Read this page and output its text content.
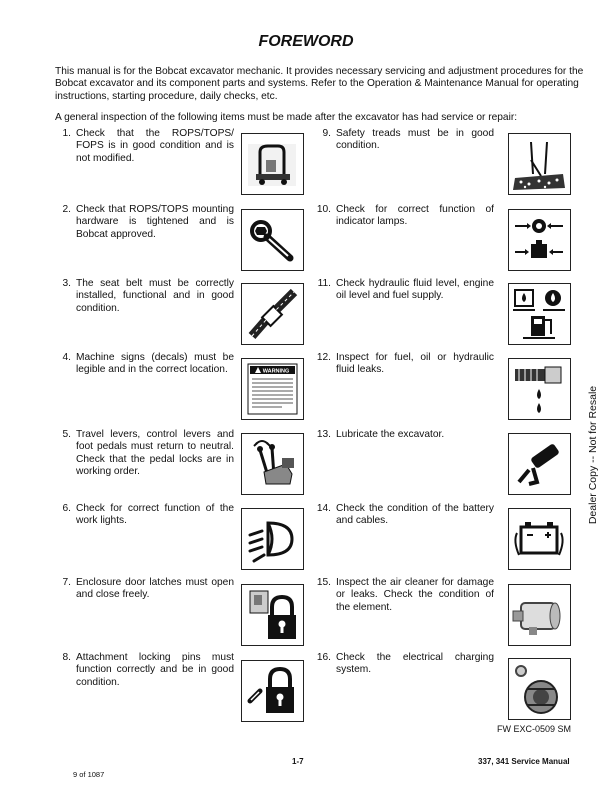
FOREWORD
This manual is for the Bobcat excavator mechanic. It provides necessary servicing and adjustment procedures for the Bobcat excavator and its component parts and systems. Refer to the Operation & Maintenance Manual for operating instructions, starting procedure, daily checks, etc.
A general inspection of the following items must be made after the excavator has had service or repair:
1. Check that the ROPS/TOPS/ FOPS is in good condition and is not modified.
2. Check that ROPS/TOPS mounting hardware is tightened and is Bobcat approved.
3. The seat belt must be correctly installed, functional and in good condition.
4. Machine signs (decals) must be legible and in the correct location.
5. Travel levers, control levers and foot pedals must return to neutral. Check that the pedal locks are in working order.
6. Check for correct function of the work lights.
7. Enclosure door latches must open and close freely.
8. Attachment locking pins must function correctly and be in good condition.
9. Safety treads must be in good condition.
10. Check for correct function of indicator lamps.
11. Check hydraulic fluid level, engine oil level and fuel supply.
12. Inspect for fuel, oil or hydraulic fluid leaks.
13. Lubricate the excavator.
14. Check the condition of the battery and cables.
15. Inspect the air cleaner for damage or leaks. Check the condition of the element.
16. Check the electrical charging system.
WARNING
Dealer Copy -- Not for Resale
FW EXC-0509 SM
1-7	337, 341 Service Manual
9 of 1087
